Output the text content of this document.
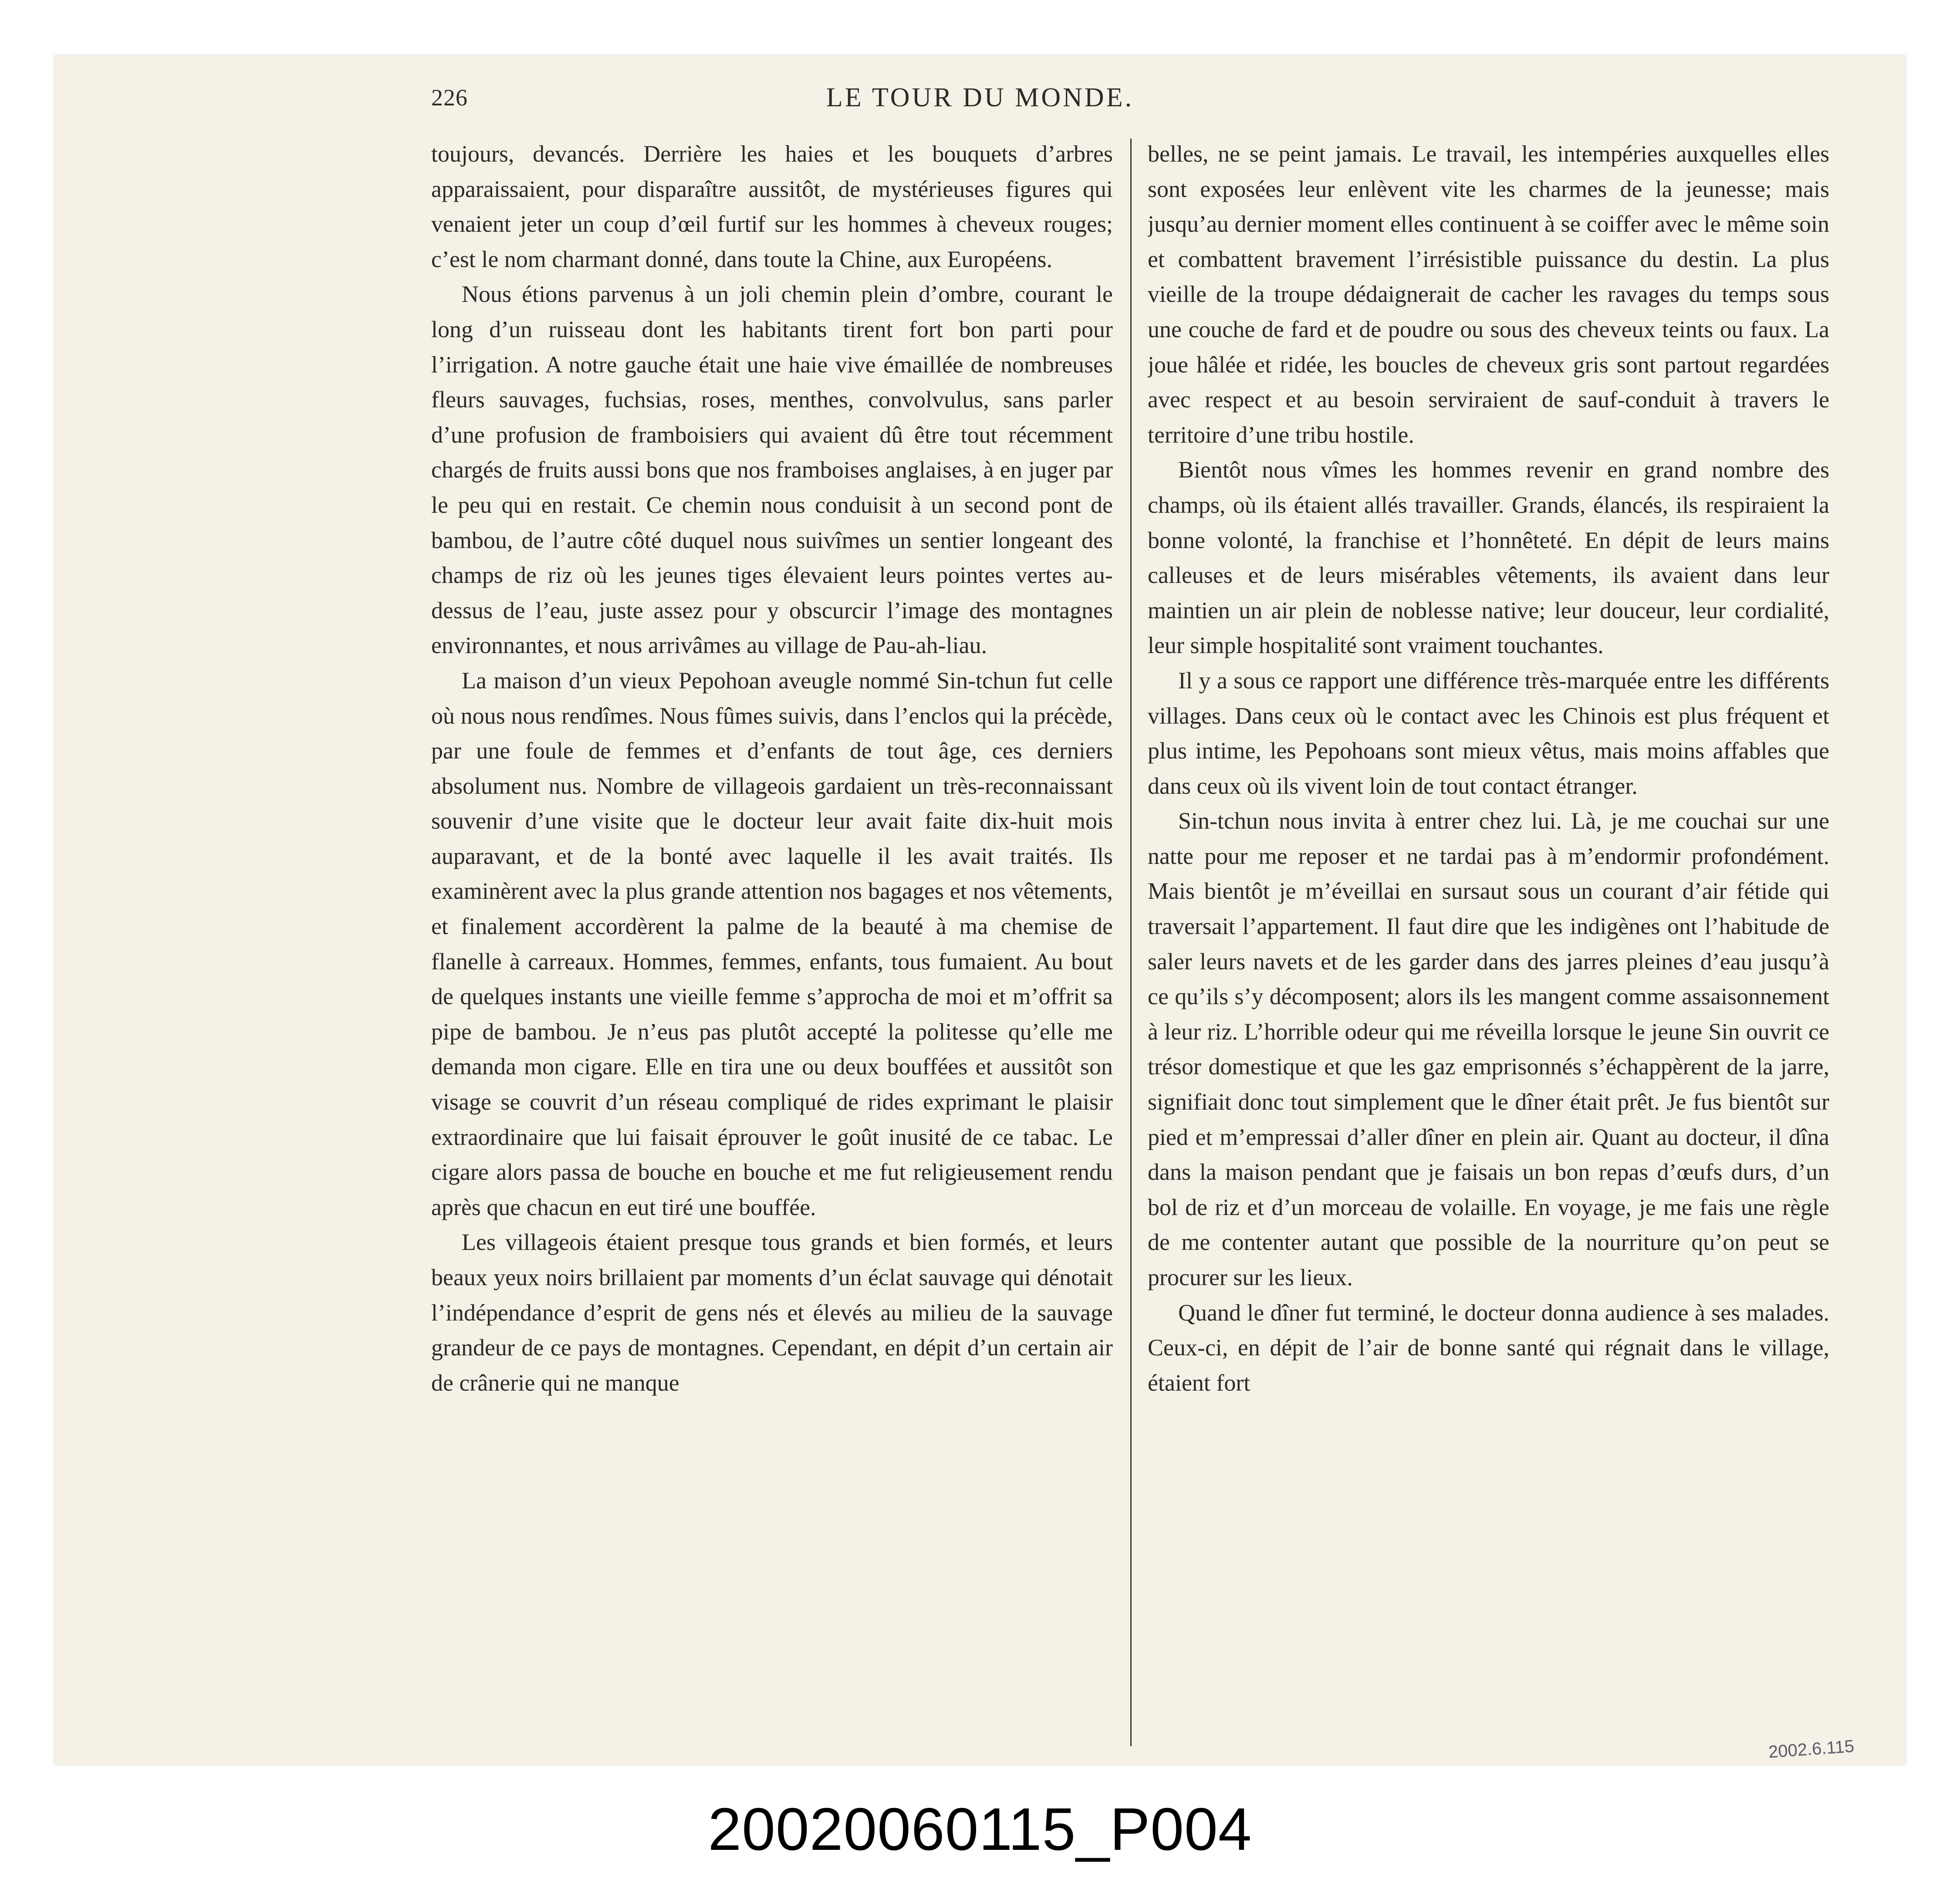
226	LE TOUR DU MONDE.

toujours, devancés. Derrière les haies et les bouquets d’arbres apparaissaient, pour disparaître aussitôt, de mystérieuses figures qui venaient jeter un coup d’œil furtif sur les hommes à cheveux rouges; c’est le nom charmant donné, dans toute la Chine, aux Européens.

Nous étions parvenus à un joli chemin plein d’ombre, courant le long d’un ruisseau dont les habitants tirent fort bon parti pour l’irrigation. A notre gauche était une haie vive émaillée de nombreuses fleurs sauvages, fuchsias, roses, menthes, convolvulus, sans parler d’une profusion de framboisiers qui avaient dû être tout récemment chargés de fruits aussi bons que nos framboises anglaises, à en juger par le peu qui en restait. Ce chemin nous conduisit à un second pont de bambou, de l’autre côté duquel nous suivîmes un sentier longeant des champs de riz où les jeunes tiges élevaient leurs pointes vertes au-dessus de l’eau, juste assez pour y obscurcir l’image des montagnes environnantes, et nous arrivâmes au village de Pau-ah-liau.

La maison d’un vieux Pepohoan aveugle nommé Sin-tchun fut celle où nous nous rendîmes. Nous fûmes suivis, dans l’enclos qui la précède, par une foule de femmes et d’enfants de tout âge, ces derniers absolument nus. Nombre de villageois gardaient un très-reconnaissant souvenir d’une visite que le docteur leur avait faite dix-huit mois auparavant, et de la bonté avec laquelle il les avait traités. Ils examinèrent avec la plus grande attention nos bagages et nos vêtements, et finalement accordèrent la palme de la beauté à ma chemise de flanelle à carreaux. Hommes, femmes, enfants, tous fumaient. Au bout de quelques instants une vieille femme s’approcha de moi et m’offrit sa pipe de bambou. Je n’eus pas plutôt accepté la politesse qu’elle me demanda mon cigare. Elle en tira une ou deux bouffées et aussitôt son visage se couvrit d’un réseau compliqué de rides exprimant le plaisir extraordinaire que lui faisait éprouver le goût inusité de ce tabac. Le cigare alors passa de bouche en bouche et me fut religieusement rendu après que chacun en eut tiré une bouffée.

Les villageois étaient presque tous grands et bien formés, et leurs beaux yeux noirs brillaient par moments d’un éclat sauvage qui dénotait l’indépendance d’esprit de gens nés et élevés au milieu de la sauvage grandeur de ce pays de montagnes. Cependant, en dépit d’un certain air de crânerie qui ne manque

belles, ne se peint jamais. Le travail, les intempéries auxquelles elles sont exposées leur enlèvent vite les charmes de la jeunesse; mais jusqu’au dernier moment elles continuent à se coiffer avec le même soin et combattent bravement l’irrésistible puissance du destin. La plus vieille de la troupe dédaignerait de cacher les ravages du temps sous une couche de fard et de poudre ou sous des cheveux teints ou faux. La joue hâlée et ridée, les boucles de cheveux gris sont partout regardées avec respect et au besoin serviraient de sauf-conduit à travers le territoire d’une tribu hostile.

Bientôt nous vîmes les hommes revenir en grand nombre des champs, où ils étaient allés travailler. Grands, élancés, ils respiraient la bonne volonté, la franchise et l’honnêteté. En dépit de leurs mains calleuses et de leurs misérables vêtements, ils avaient dans leur maintien un air plein de noblesse native; leur douceur, leur cordialité, leur simple hospitalité sont vraiment touchantes.

Il y a sous ce rapport une différence très-marquée entre les différents villages. Dans ceux où le contact avec les Chinois est plus fréquent et plus intime, les Pepohoans sont mieux vêtus, mais moins affables que dans ceux où ils vivent loin de tout contact étranger.

Sin-tchun nous invita à entrer chez lui. Là, je me couchai sur une natte pour me reposer et ne tardai pas à m’endormir profondément. Mais bientôt je m’éveillai en sursaut sous un courant d’air fétide qui traversait l’appartement. Il faut dire que les indigènes ont l’habitude de saler leurs navets et de les garder dans des jarres pleines d’eau jusqu’à ce qu’ils s’y décomposent; alors ils les mangent comme assaisonnement à leur riz. L’horrible odeur qui me réveilla lorsque le jeune Sin ouvrit ce trésor domestique et que les gaz emprisonnés s’échappèrent de la jarre, signifiait donc tout simplement que le dîner était prêt. Je fus bientôt sur pied et m’empressai d’aller dîner en plein air. Quant au docteur, il dîna dans la maison pendant que je faisais un bon repas d’œufs durs, d’un bol de riz et d’un morceau de volaille. En voyage, je me fais une règle de me contenter autant que possible de la nourriture qu’on peut se procurer sur les lieux.

Quand le dîner fut terminé, le docteur donna audience à ses malades. Ceux-ci, en dépit de l’air de bonne santé qui régnait dans le village, étaient fort

2002.6.115
20020060115_P004
